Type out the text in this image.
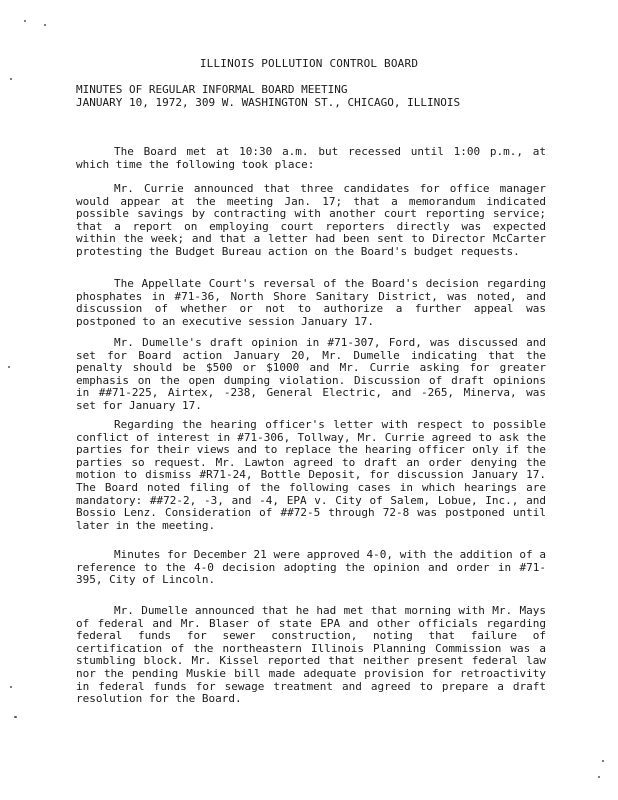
ILLINOIS POLLUTION CONTROL BOARD
MINUTES OF REGULAR INFORMAL BOARD MEETING
JANUARY 10, 1972, 309 W. WASHINGTON ST., CHICAGO, ILLINOIS

The Board met at 10:30 a.m. but recessed until 1:00 p.m., at which time the following took place:

Mr. Currie announced that three candidates for office manager would appear at the meeting Jan. 17; that a memorandum indicated possible savings by contracting with another court reporting service; that a report on employing court reporters directly was expected within the week; and that a letter had been sent to Director McCarter protesting the Budget Bureau action on the Board's budget requests.

The Appellate Court's reversal of the Board's decision regarding phosphates in #71-36, North Shore Sanitary District, was noted, and discussion of whether or not to authorize a further appeal was postponed to an executive session January 17.

Mr. Dumelle's draft opinion in #71-307, Ford, was discussed and set for Board action January 20, Mr. Dumelle indicating that the penalty should be $500 or $1000 and Mr. Currie asking for greater emphasis on the open dumping violation. Discussion of draft opinions in ##71-225, Airtex, -238, General Electric, and -265, Minerva, was set for January 17.

Regarding the hearing officer's letter with respect to possible conflict of interest in #71-306, Tollway, Mr. Currie agreed to ask the parties for their views and to replace the hearing officer only if the parties so request. Mr. Lawton agreed to draft an order denying the motion to dismiss #R71-24, Bottle Deposit, for discussion January 17. The Board noted filing of the following cases in which hearings are mandatory: ##72-2, -3, and -4, EPA v. City of Salem, Lobue, Inc., and Bossio Lenz. Consideration of ##72-5 through 72-8 was postponed until later in the meeting.

Minutes for December 21 were approved 4-0, with the addition of a reference to the 4-0 decision adopting the opinion and order in #71-395, City of Lincoln.

Mr. Dumelle announced that he had met that morning with Mr. Mays of federal and Mr. Blaser of state EPA and other officials regarding federal funds for sewer construction, noting that failure of certification of the northeastern Illinois Planning Commission was a stumbling block. Mr. Kissel reported that neither present federal law nor the pending Muskie bill made adequate provision for retroactivity in federal funds for sewage treatment and agreed to prepare a draft resolution for the Board.
